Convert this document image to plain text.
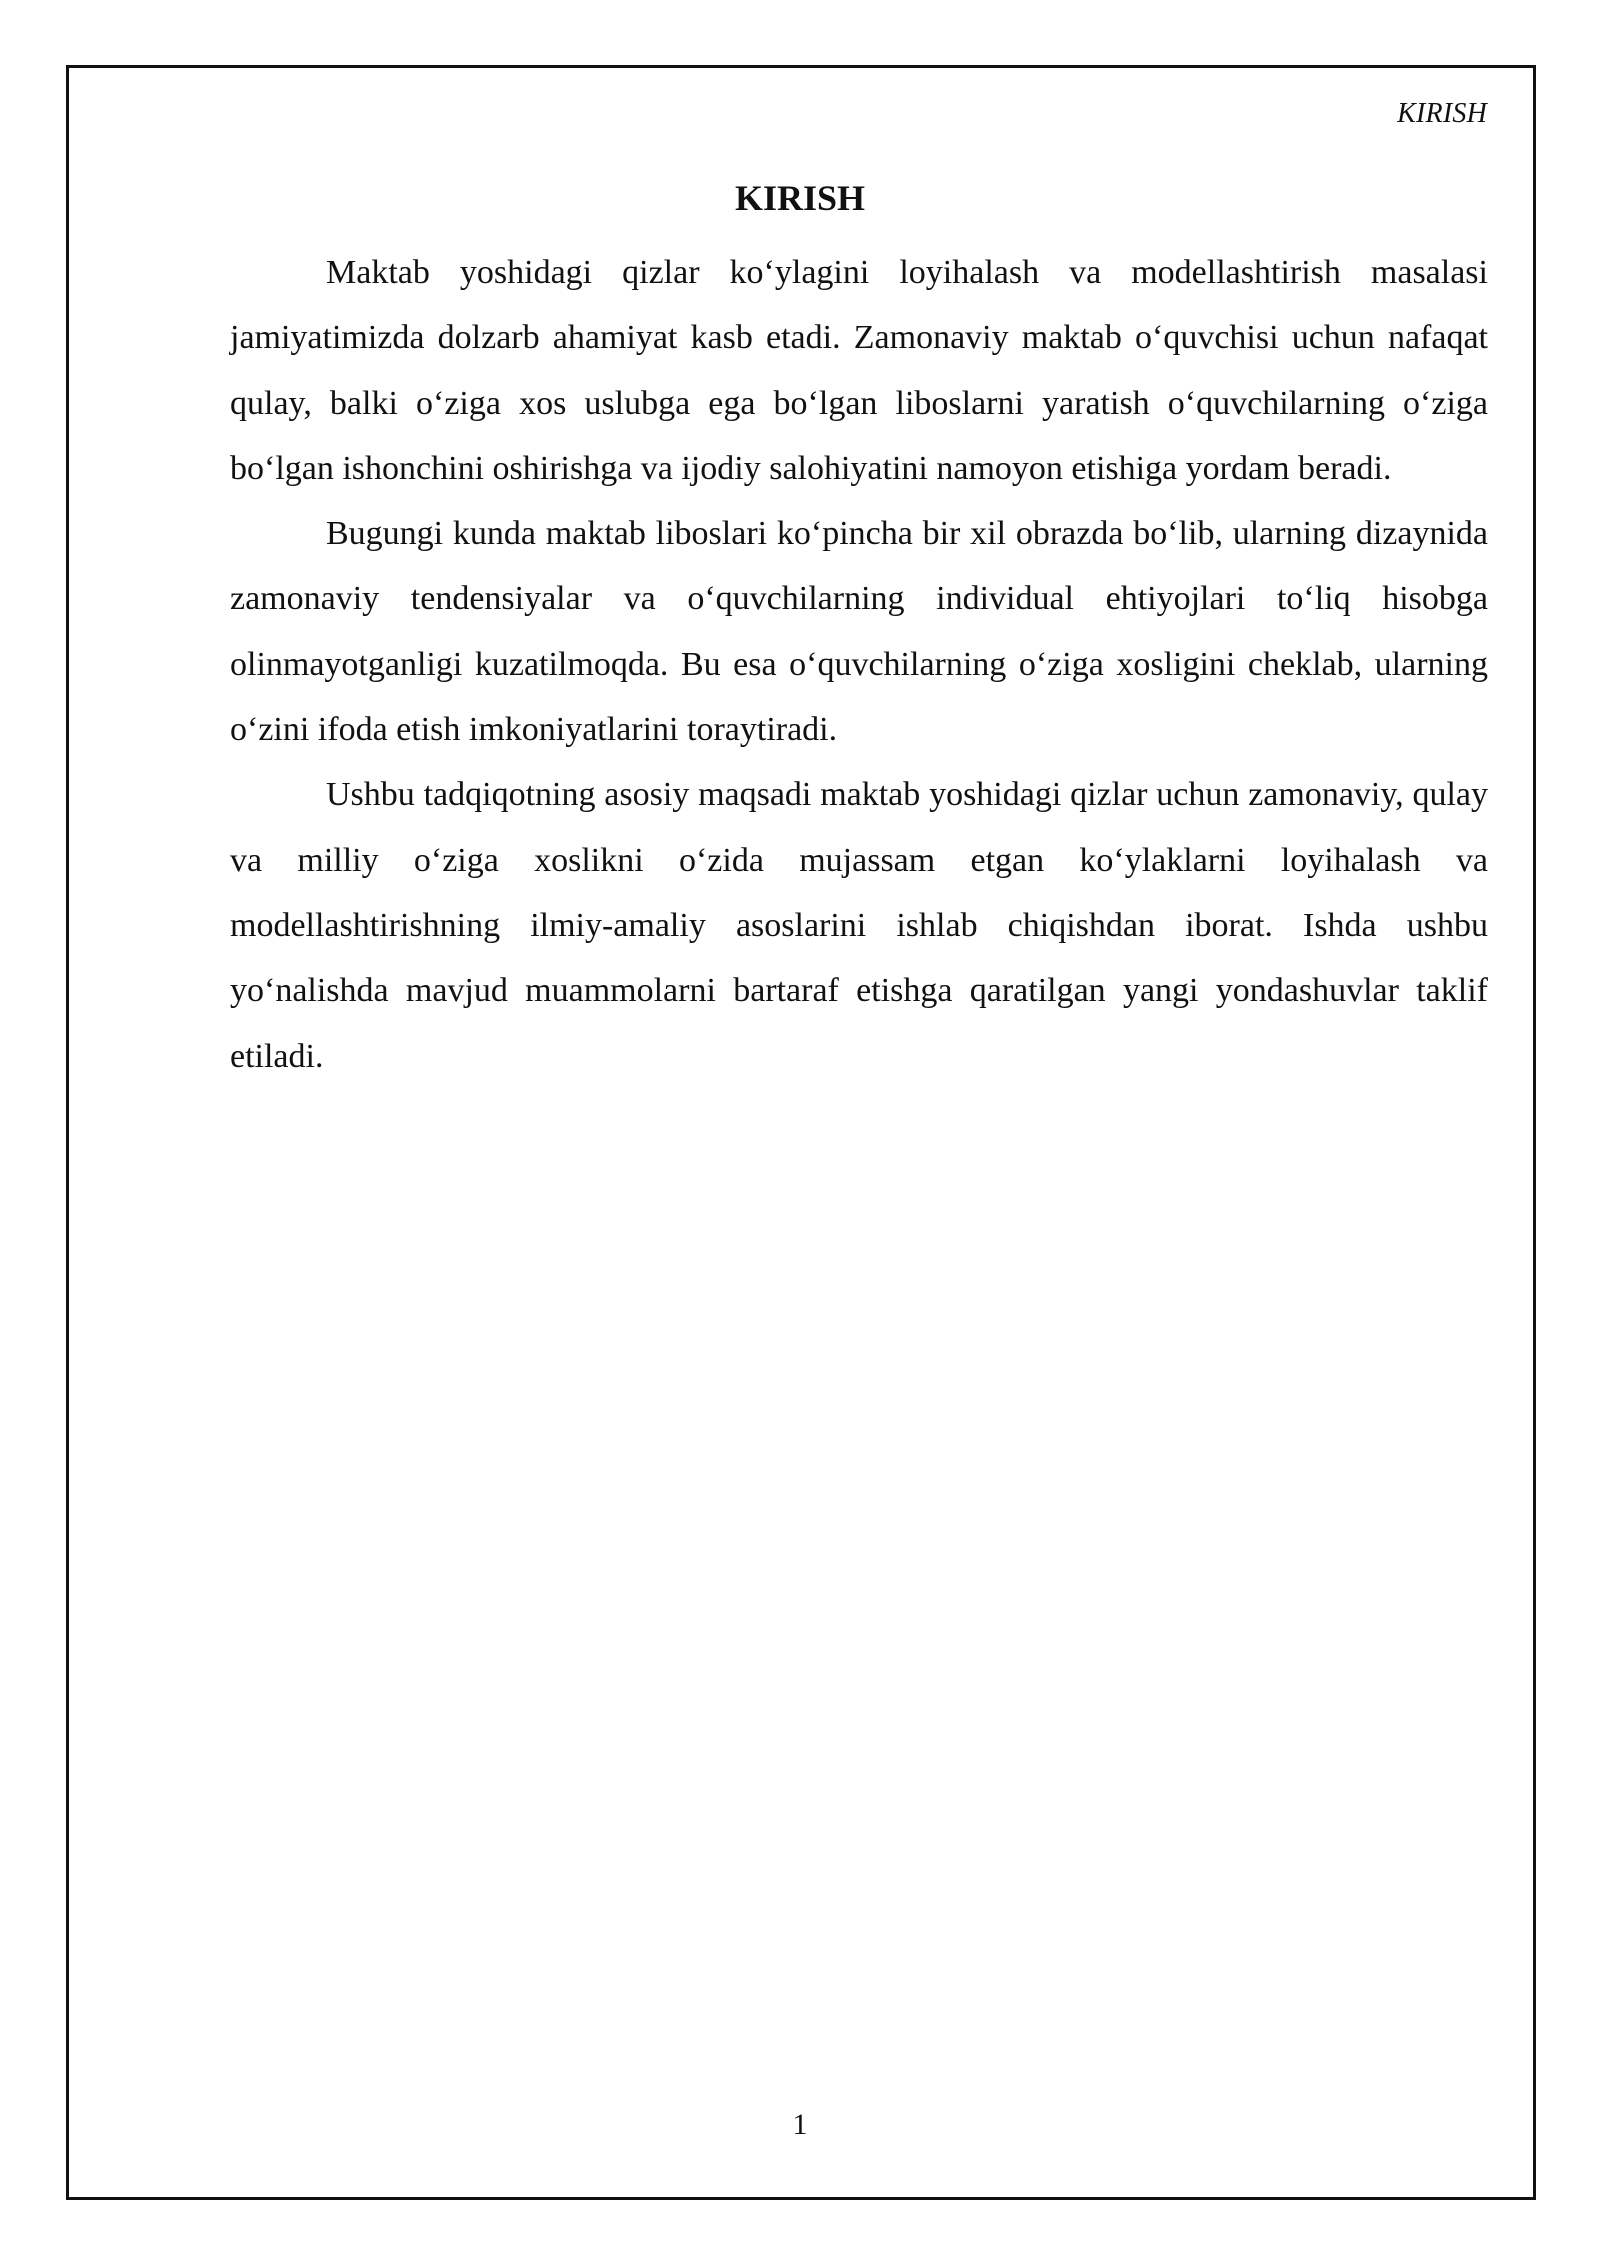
KIRISH
KIRISH

Maktab yoshidagi qizlar ko‘ylagini loyihalash va modellashtirish masalasi jamiyatimizda dolzarb ahamiyat kasb etadi. Zamonaviy maktab o‘quvchisi uchun nafaqat qulay, balki o‘ziga xos uslubga ega bo‘lgan liboslarni yaratish o‘quvchilarning o‘ziga bo‘lgan ishonchini oshirishga va ijodiy salohiyatini namoyon etishiga yordam beradi.

Bugungi kunda maktab liboslari ko‘pincha bir xil obrazda bo‘lib, ularning dizaynida zamonaviy tendensiyalar va o‘quvchilarning individual ehtiyojlari to‘liq hisobga olinmayotganligi kuzatilmoqda. Bu esa o‘quvchilarning o‘ziga xosligini cheklab, ularning o‘zini ifoda etish imkoniyatlarini toraytiradi.

Ushbu tadqiqotning asosiy maqsadi maktab yoshidagi qizlar uchun zamonaviy, qulay va milliy o‘ziga xoslikni o‘zida mujassam etgan ko‘ylaklarni loyihalash va modellashtirishning ilmiy-amaliy asoslarini ishlab chiqishdan iborat. Ishda ushbu yo‘nalishda mavjud muammolarni bartaraf etishga qaratilgan yangi yondashuvlar taklif etiladi.

1
